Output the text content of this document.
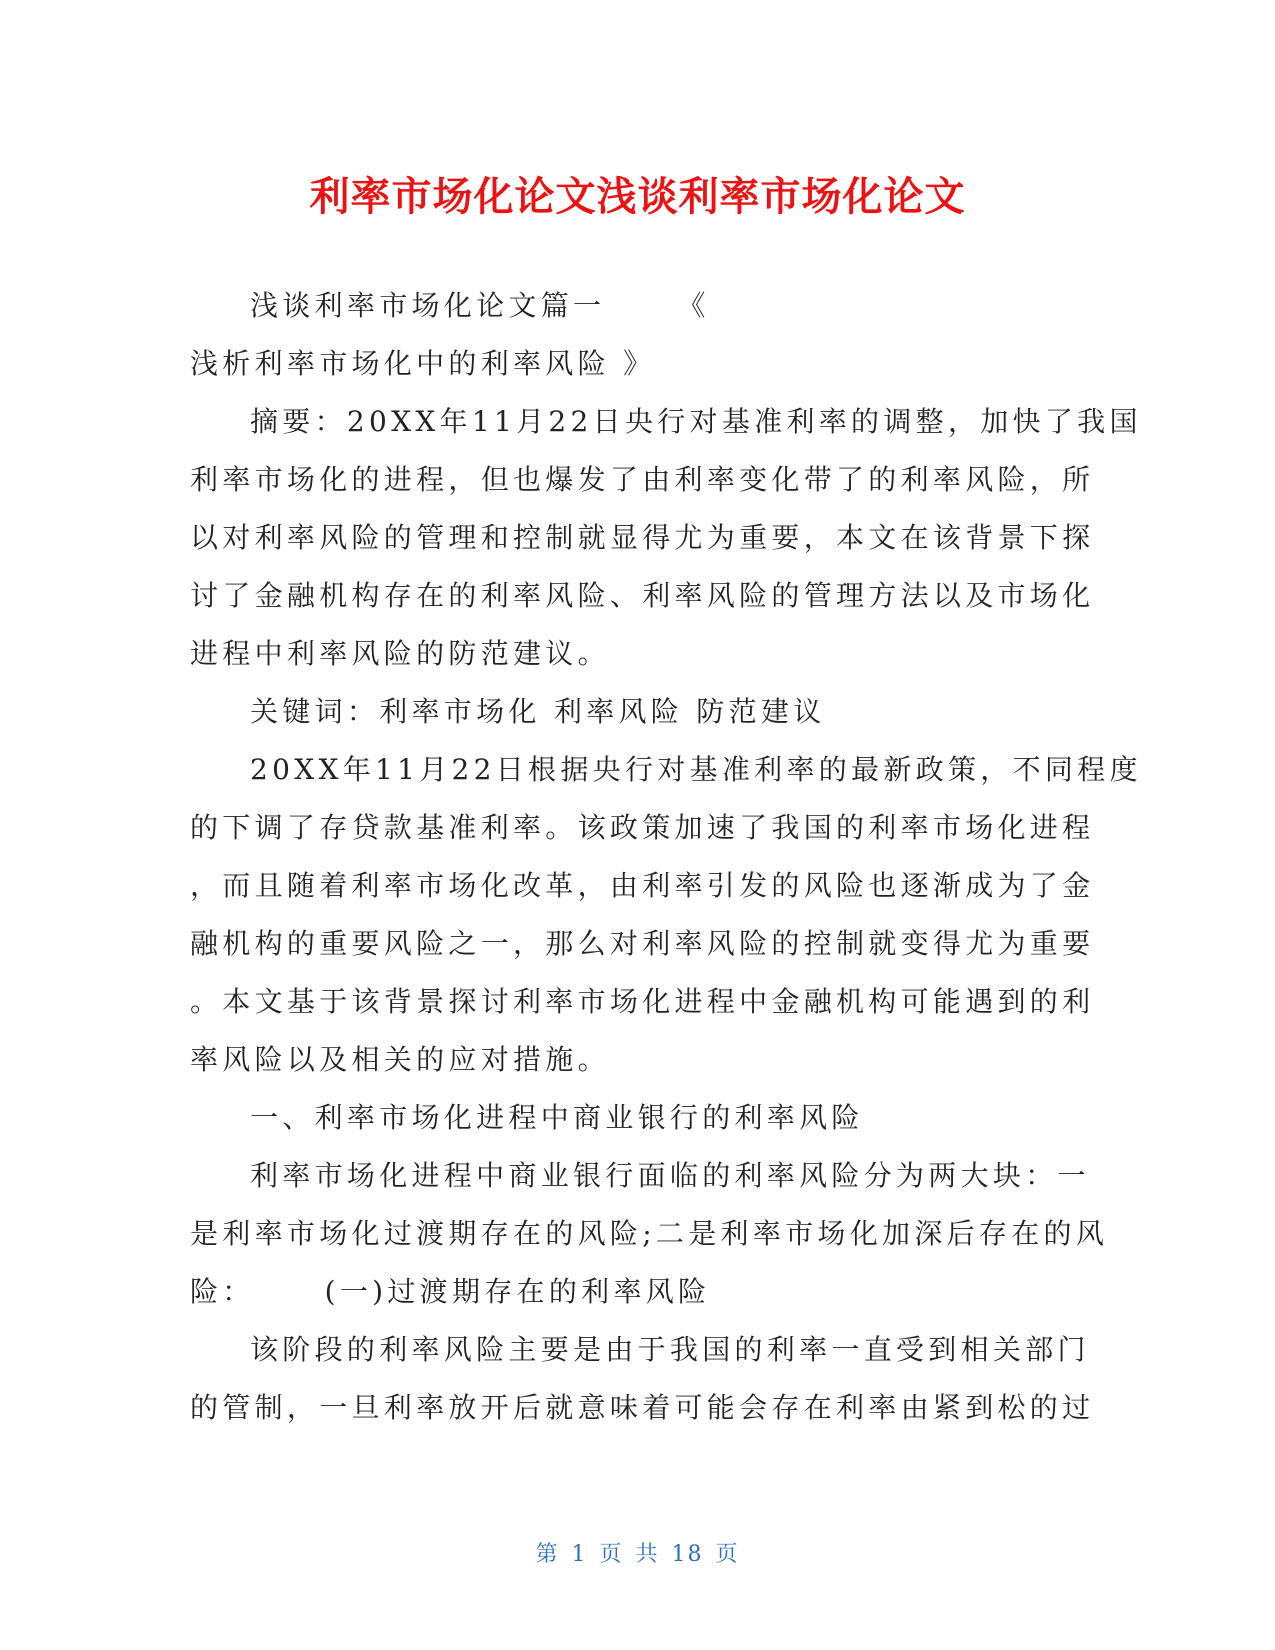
利率市场化论文浅谈利率市场化论文
浅谈利率市场化论文篇一	《
浅析利率市场化中的利率风险 》
摘要：20XX年11月22日央行对基准利率的调整，加快了我国
利率市场化的进程，但也爆发了由利率变化带了的利率风险，所
以对利率风险的管理和控制就显得尤为重要，本文在该背景下探
讨了金融机构存在的利率风险、利率风险的管理方法以及市场化
进程中利率风险的防范建议。
关键词：利率市场化 利率风险 防范建议
20XX年11月22日根据央行对基准利率的最新政策，不同程度
的下调了存贷款基准利率。该政策加速了我国的利率市场化进程
，而且随着利率市场化改革，由利率引发的风险也逐渐成为了金
融机构的重要风险之一，那么对利率风险的控制就变得尤为重要
。本文基于该背景探讨利率市场化进程中金融机构可能遇到的利
率风险以及相关的应对措施。
一、利率市场化进程中商业银行的利率风险
利率市场化进程中商业银行面临的利率风险分为两大块：一
是利率市场化过渡期存在的风险;二是利率市场化加深后存在的风
险：	(一)过渡期存在的利率风险
该阶段的利率风险主要是由于我国的利率一直受到相关部门
的管制，一旦利率放开后就意味着可能会存在利率由紧到松的过
第 1 页 共 18 页
